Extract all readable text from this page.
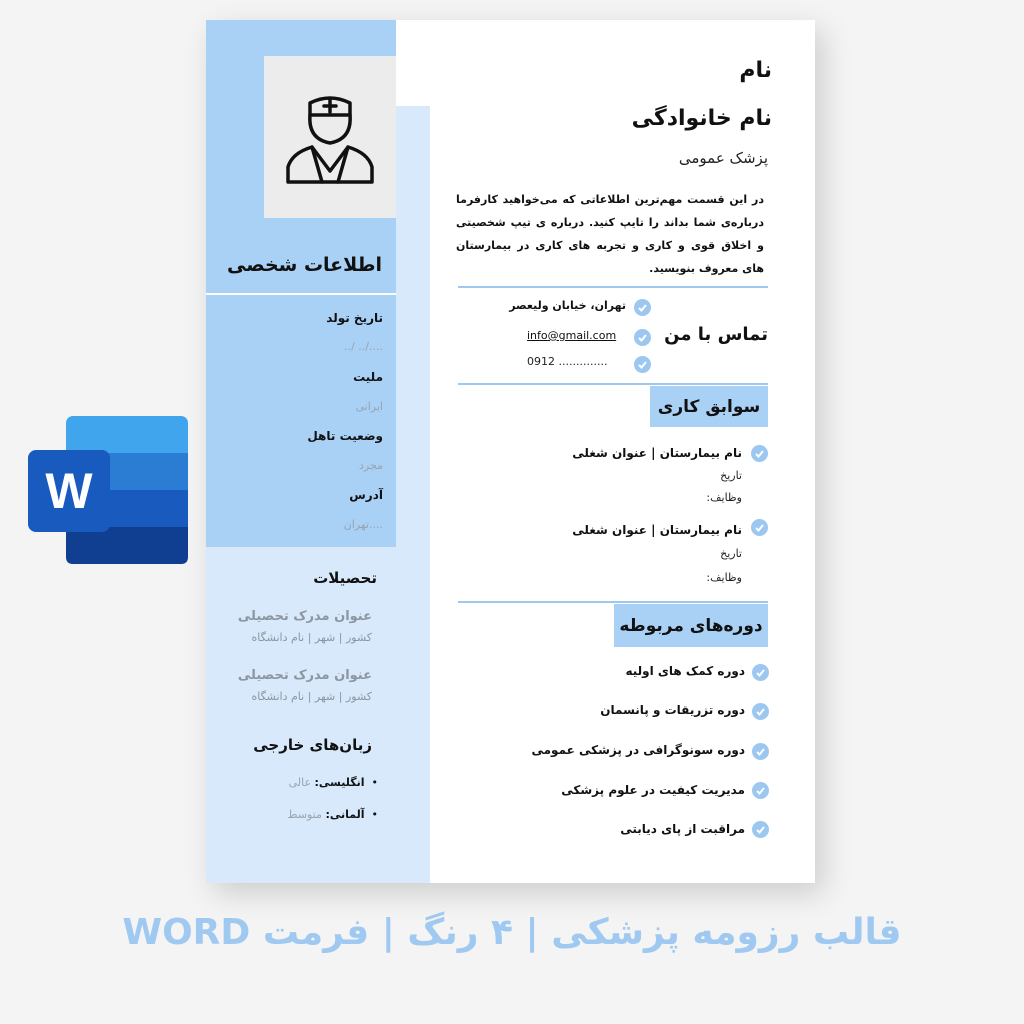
اطلاعات شخصی
تاریخ تولد
../ ../....
ملیت
ایرانی
وضعیت تاهل
مجرد
آدرس
تهران....
تحصیلات
عنوان مدرک تحصیلی
کشور | شهر | نام دانشگاه
عنوان مدرک تحصیلی
کشور | شهر | نام دانشگاه
زبان‌های خارجی
•  انگلیسی: عالی
•  آلمانی: متوسط
نام
نام خانوادگی
پزشک عمومی
در این قسمت مهم‌ترین اطلاعاتی که می‌خواهید کارفرما درباره‌ی شما بداند را تایپ کنید. درباره ی تیپ شخصیتی و اخلاق قوی و کاری و تجربه های کاری در بیمارستان های معروف بنویسید.
تماس با من
تهران، خیابان ولیعصر
info@gmail.com
0912 ..............
سوابق کاری
نام بیمارستان | عنوان شغلی
تاریخ
وظایف:
نام بیمارستان | عنوان شغلی
تاریخ
وظایف:
دوره‌های مربوطه
دوره کمک های اولیه
دوره تزریقات و پانسمان
دوره سونوگرافی در پزشکی عمومی
مدیریت کیفیت در علوم پزشکی
مراقبت از پای دیابتی
W
قالب رزومه پزشکی | ۴ رنگ | فرمت WORD
